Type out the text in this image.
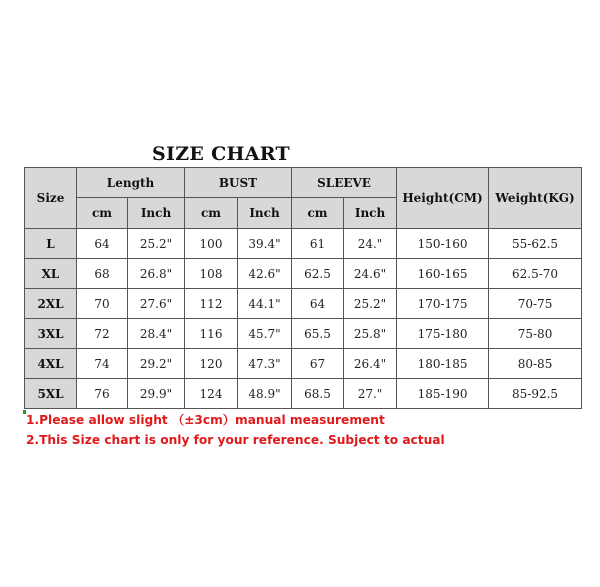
SIZE CHART
Size	Length		BUST		SLEEVE		Height(CM)	Weight(KG)
	cm	Inch	cm	Inch	cm	Inch		
L	64	25.2"	100	39.4"	61	24."	150-160	55-62.5
XL	68	26.8"	108	42.6"	62.5	24.6"	160-165	62.5-70
2XL	70	27.6"	112	44.1"	64	25.2"	170-175	70-75
3XL	72	28.4"	116	45.7"	65.5	25.8"	175-180	75-80
4XL	74	29.2"	120	47.3"	67	26.4"	180-185	80-85
5XL	76	29.9"	124	48.9"	68.5	27."	185-190	85-92.5
1.Please allow slight （±3cm）manual measurement
2.This Size chart is only for your reference. Subject to actual
